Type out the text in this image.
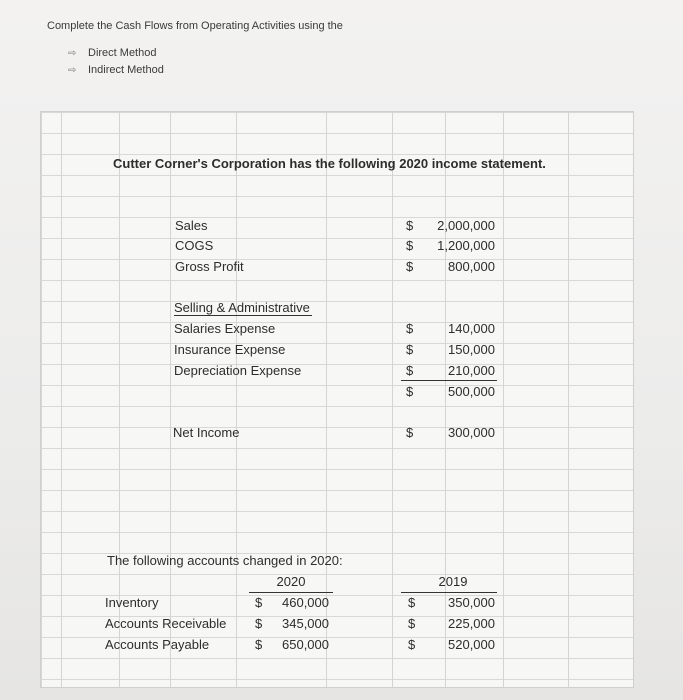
Complete the Cash Flows from Operating Activities using the
⇨	Direct Method
⇨	Indirect Method
Cutter Corner's Corporation has the following 2020 income statement.
Sales	$	2,000,000
COGS	$	1,200,000
Gross Profit	$	800,000
Selling & Administrative
Salaries Expense	$	140,000
Insurance Expense	$	150,000
Depreciation Expense	$	210,000
$	500,000
Net Income	$	300,000
The following accounts changed in 2020:
2020	2019
Inventory	$	460,000	$	350,000
Accounts Receivable $	345,000	$	225,000
Accounts Payable	$	650,000	$	520,000
